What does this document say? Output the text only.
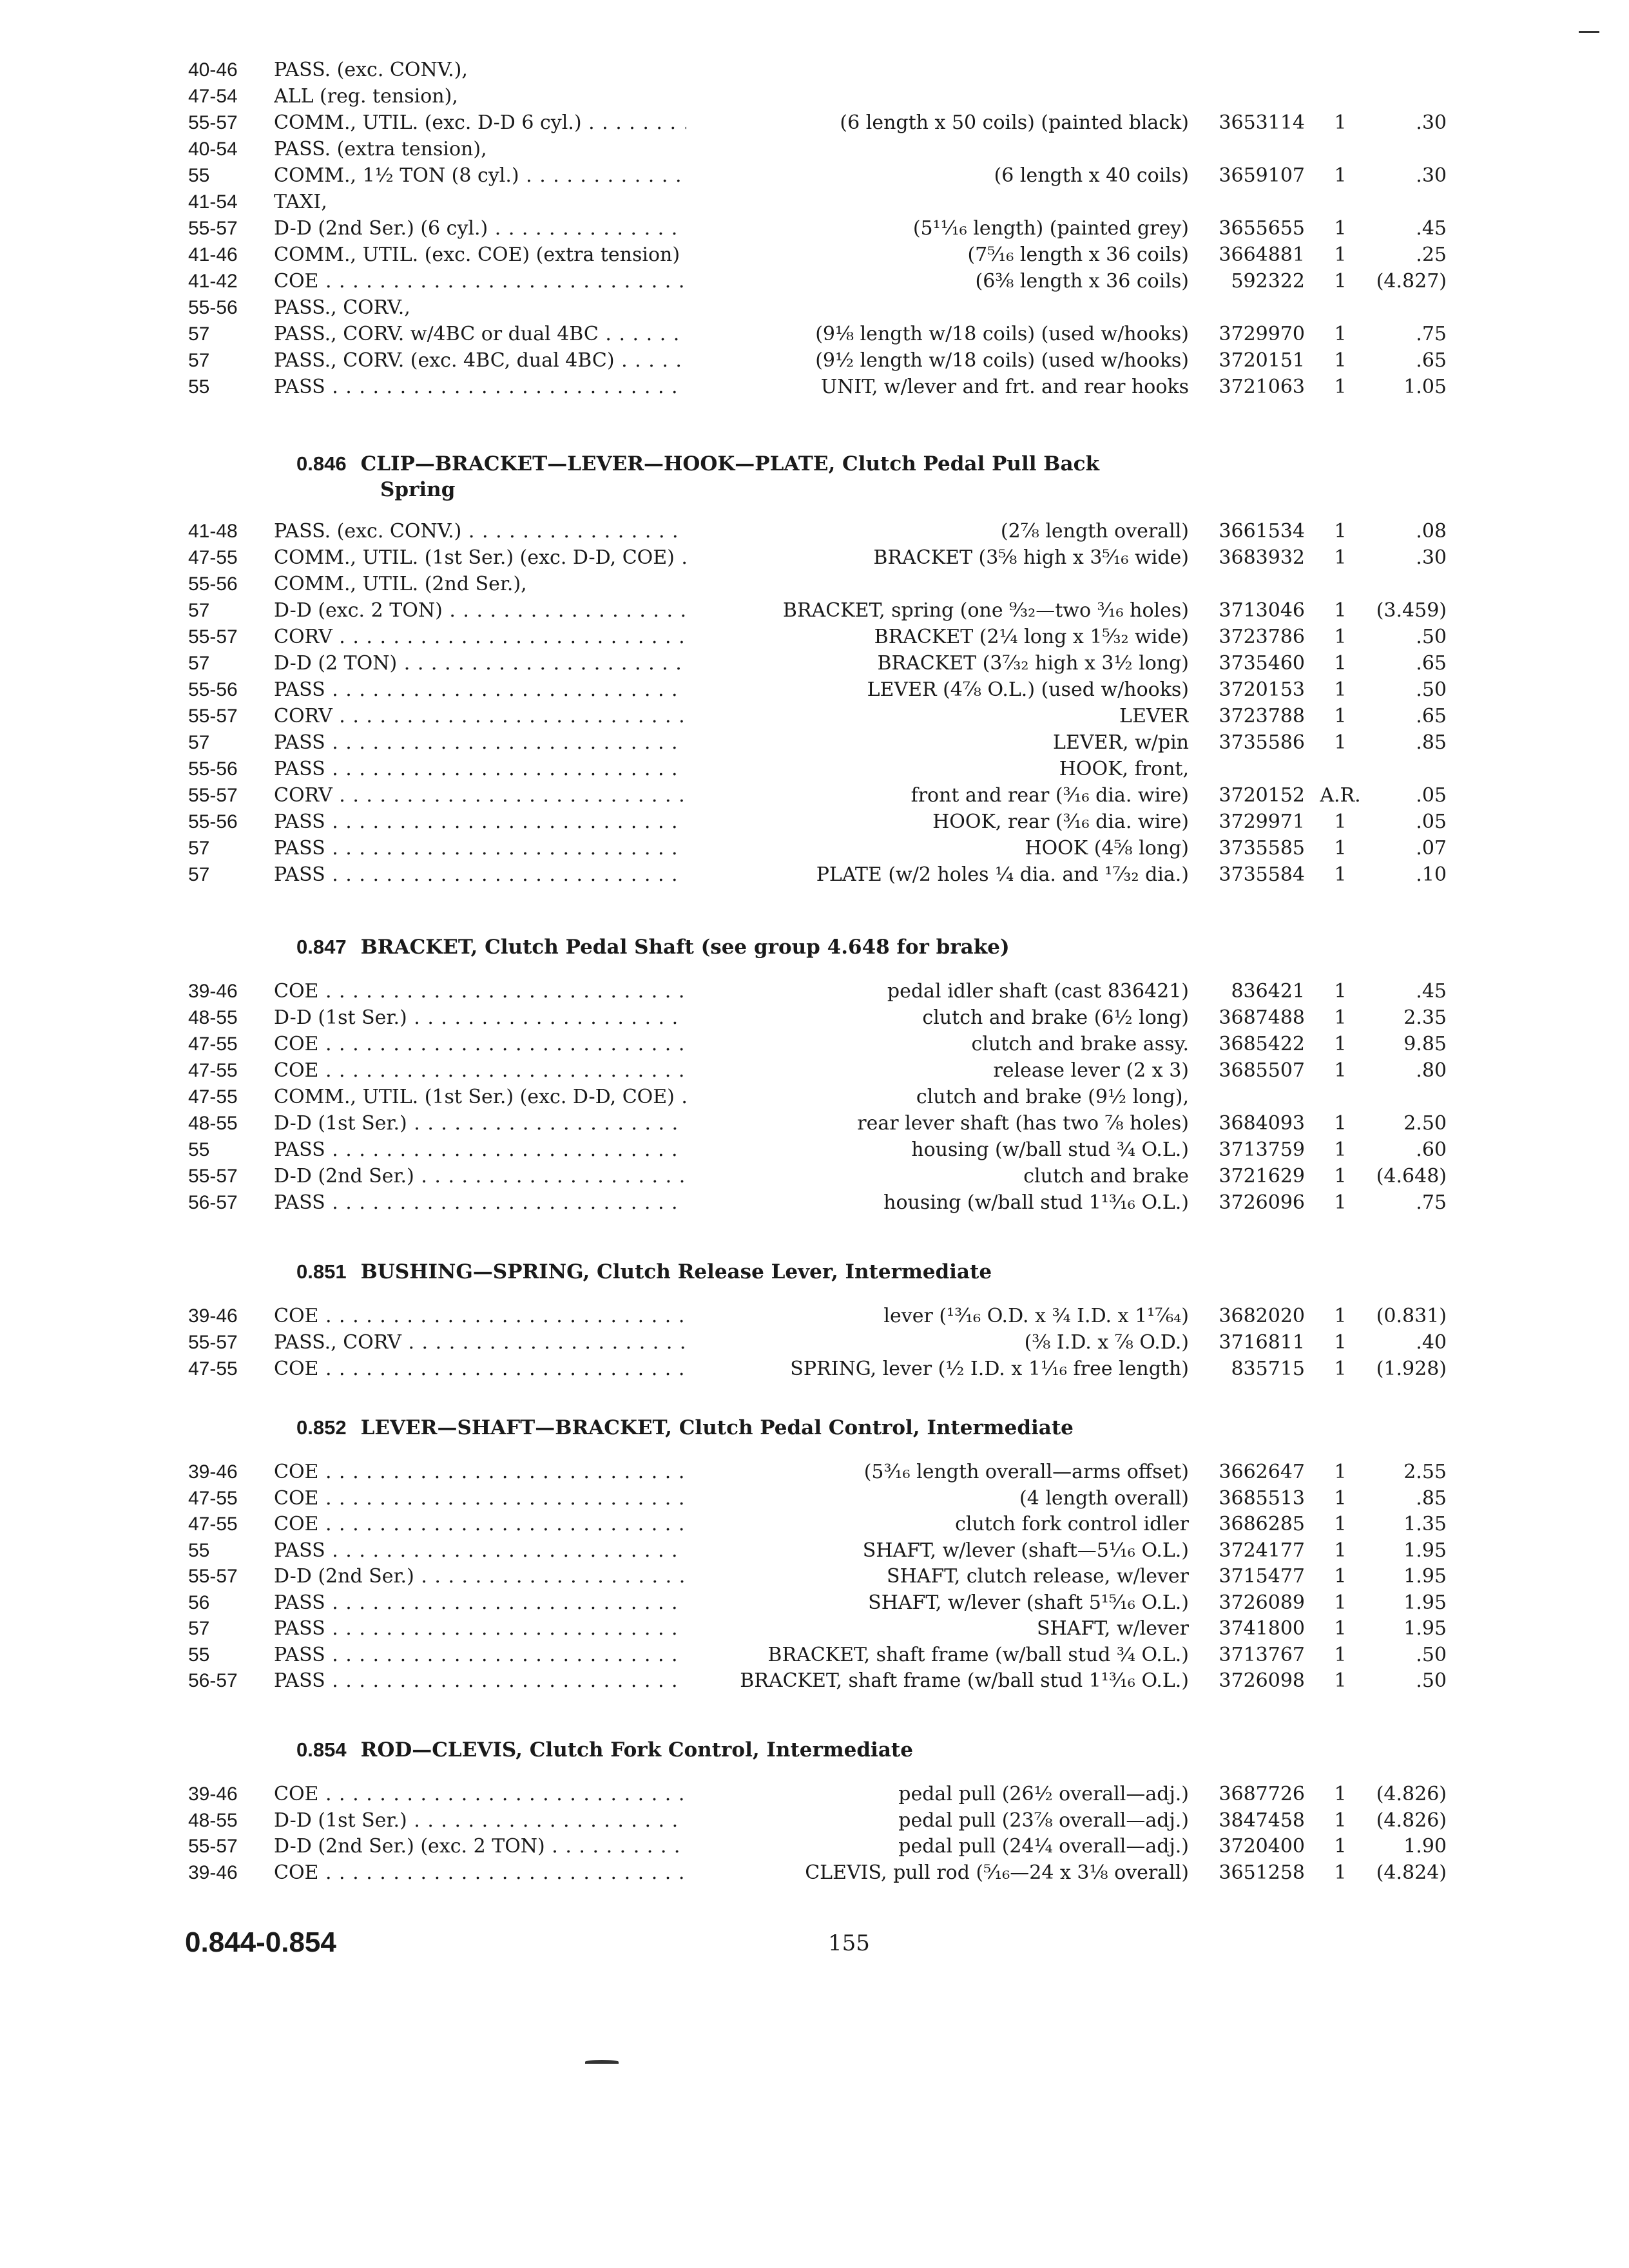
40-46	PASS. (exc. CONV.),
47-54	ALL (reg. tension),
55-57	COMM., UTIL. (exc. D-D 6 cyl.) . . .	(6 length x 50 coils) (painted black)	3653114	1	.30
40-54	PASS. (extra tension),
55	COMM., 1½ TON (8 cyl.) . . .	(6 length x 40 coils)	3659107	1	.30
41-54	TAXI,
55-57	D-D (2nd Ser.) (6 cyl.) . . .	(5¹¹⁄₁₆ length) (painted grey)	3655655	1	.45
41-46	COMM., UTIL. (exc. COE) (extra tension) . . .	(7⁵⁄₁₆ length x 36 coils)	3664881	1	.25
41-42	COE . . .	(6⅜ length x 36 coils)	592322	1	(4.827)
55-56	PASS., CORV.,
57	PASS., CORV. w/4BC or dual 4BC . . .	(9⅛ length w/18 coils) (used w/hooks)	3729970	1	.75
57	PASS., CORV. (exc. 4BC, dual 4BC) . . .	(9½ length w/18 coils) (used w/hooks)	3720151	1	.65
55	PASS . . .	UNIT, w/lever and frt. and rear hooks	3721063	1	1.05
0.846 CLIP—BRACKET—LEVER—HOOK—PLATE, Clutch Pedal Pull Back
Spring
41-48	PASS. (exc. CONV.) . . .	(2⅞ length overall)	3661534	1	.08
47-55	COMM., UTIL. (1st Ser.) (exc. D-D, COE) . . .	BRACKET (3⅝ high x 3⁵⁄₁₆ wide)	3683932	1	.30
55-56	COMM., UTIL. (2nd Ser.),
57	D-D (exc. 2 TON) . . .	BRACKET, spring (one ⁹⁄₃₂—two ³⁄₁₆ holes)	3713046	1	(3.459)
55-57	CORV . . .	BRACKET (2¼ long x 1⁵⁄₃₂ wide)	3723786	1	.50
57	D-D (2 TON) . . .	BRACKET (3⁷⁄₃₂ high x 3½ long)	3735460	1	.65
55-56	PASS . . .	LEVER (4⅞ O.L.) (used w/hooks)	3720153	1	.50
55-57	CORV . . .	LEVER	3723788	1	.65
57	PASS . . .	LEVER, w/pin	3735586	1	.85
55-56	PASS . . .	HOOK, front,
55-57	CORV . . .	front and rear (³⁄₁₆ dia. wire)	3720152 A.R.	.05
55-56	PASS . . .	HOOK, rear (³⁄₁₆ dia. wire)	3729971	1	.05
57	PASS . . .	HOOK (4⁵⁄₈ long)	3735585	1	.07
57	PASS . . .	PLATE (w/2 holes ¼ dia. and ¹⁷⁄₃₂ dia.)	3735584	1	.10
0.847 BRACKET, Clutch Pedal Shaft (see group 4.648 for brake)
39-46	COE . . .	pedal idler shaft (cast 836421)	836421	1	.45
48-55	D-D (1st Ser.) . . .	clutch and brake (6½ long)	3687488	1	2.35
47-55	COE . . .	clutch and brake assy.	3685422	1	9.85
47-55	COE . . .	release lever (2 x 3)	3685507	1	.80
47-55	COMM., UTIL. (1st Ser.) (exc. D-D, COE) . . .	clutch and brake (9½ long),
48-55	D-D (1st Ser.) . . .	rear lever shaft (has two ⅞ holes)	3684093	1	2.50
55	PASS . . .	housing (w/ball stud ¾ O.L.)	3713759	1	.60
55-57	D-D (2nd Ser.) . . .	clutch and brake	3721629	1	(4.648)
56-57	PASS . . .	housing (w/ball stud 1¹³⁄₁₆ O.L.)	3726096	1	.75
0.851 BUSHING—SPRING, Clutch Release Lever, Intermediate
39-46	COE . . .	lever (¹³⁄₁₆ O.D. x ¾ I.D. x 1¹⁷⁄₆₄)	3682020	1	(0.831)
55-57	PASS., CORV . . .	(⅜ I.D. x ⅞ O.D.)	3716811	1	.40
47-55	COE . . .	SPRING, lever (½ I.D. x 1¹⁄₁₆ free length)	835715	1	(1.928)
0.852 LEVER—SHAFT—BRACKET, Clutch Pedal Control, Intermediate
39-46	COE . . .	(5³⁄₁₆ length overall—arms offset)	3662647	1	2.55
47-55	COE . . .	(4 length overall)	3685513	1	.85
47-55	COE . . .	clutch fork control idler	3686285	1	1.35
55	PASS . . .	SHAFT, w/lever (shaft—5¹⁄₁₆ O.L.)	3724177	1	1.95
55-57	D-D (2nd Ser.) . . .	SHAFT, clutch release, w/lever	3715477	1	1.95
56	PASS . . .	SHAFT, w/lever (shaft 5¹⁵⁄₁₆ O.L.)	3726089	1	1.95
57	PASS . . .	SHAFT, w/lever	3741800	1	1.95
55	PASS . . .	BRACKET, shaft frame (w/ball stud ¾ O.L.)	3713767	1	.50
56-57	PASS . . .	BRACKET, shaft frame (w/ball stud 1¹³⁄₁₆ O.L.)	3726098	1	.50
0.854 ROD—CLEVIS, Clutch Fork Control, Intermediate
39-46	COE . . .	pedal pull (26½ overall—adj.)	3687726	1	(4.826)
48-55	D-D (1st Ser.) . . .	pedal pull (23⅞ overall—adj.)	3847458	1	(4.826)
55-57	D-D (2nd Ser.) (exc. 2 TON) . . .	pedal pull (24¼ overall—adj.)	3720400	1	1.90
39-46	COE . . .	CLEVIS, pull rod (⁵⁄₁₆—24 x 3⅛ overall)	3651258	1	(4.824)
0.844-0.854	155
